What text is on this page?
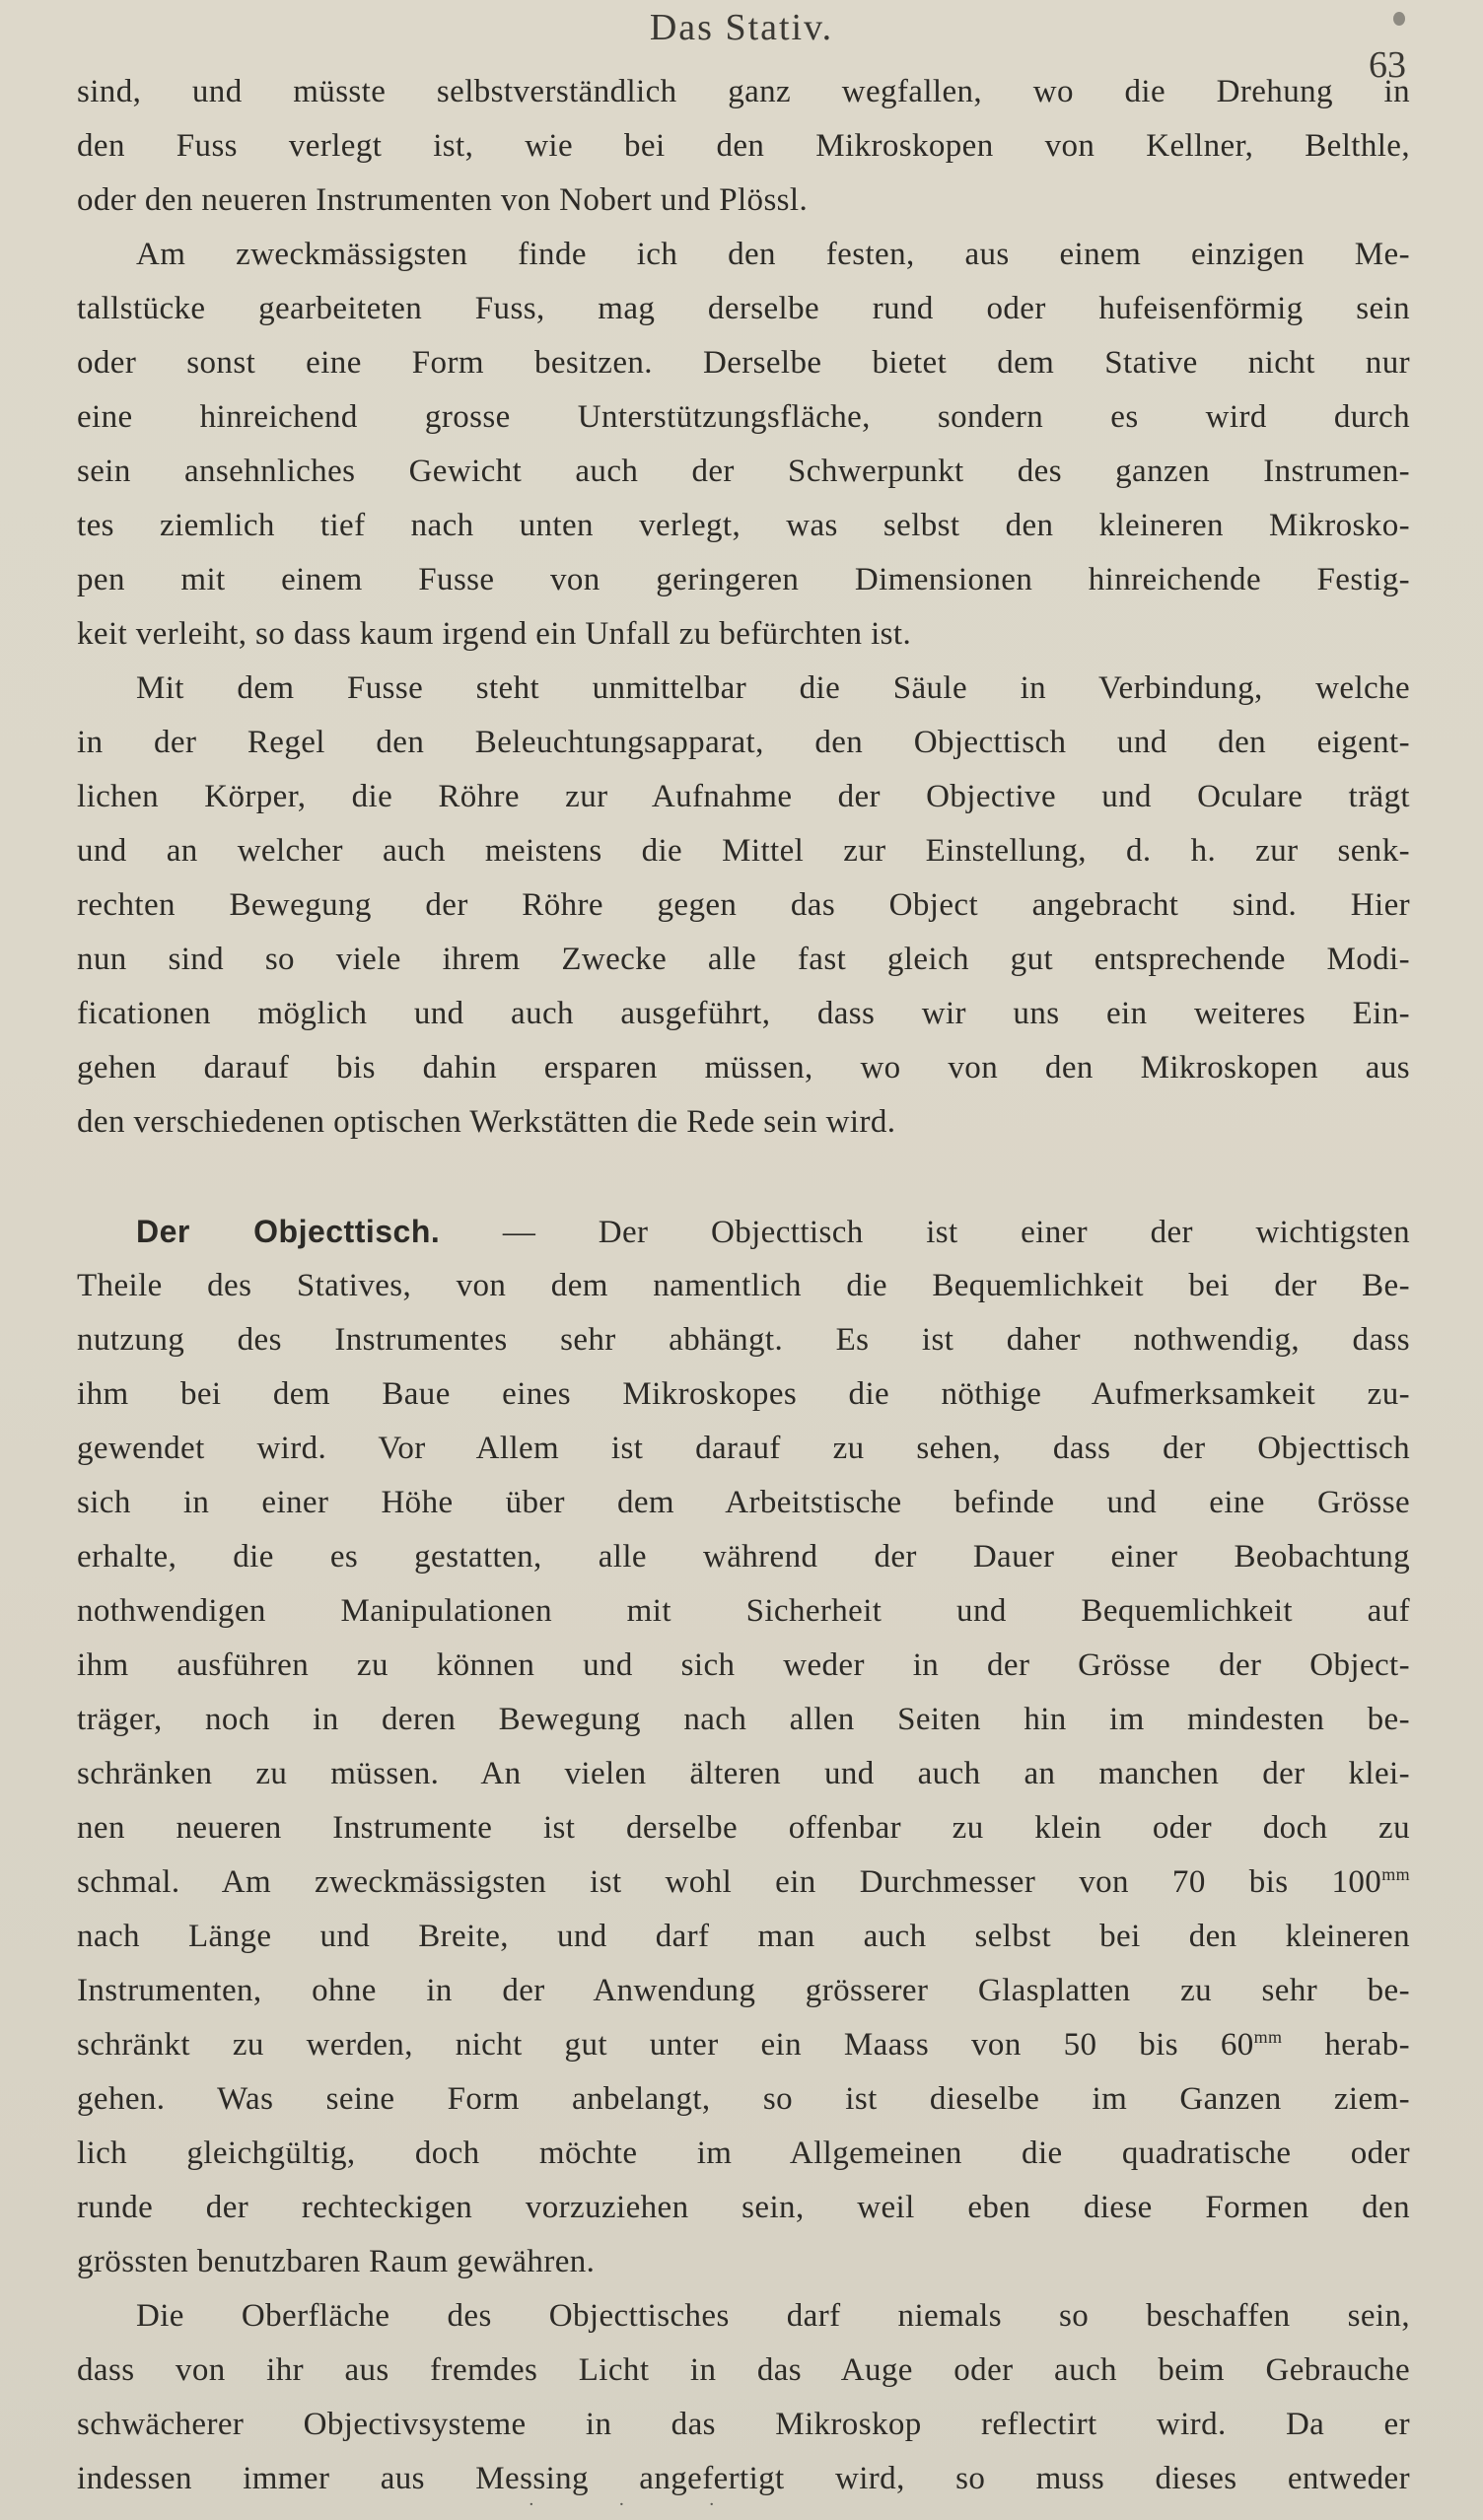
Das Stativ.
63
sind, und müsste selbstverständlich ganz wegfallen, wo die Drehung in
den Fuss verlegt ist, wie bei den Mikroskopen von Kellner, Belthle,
oder den neueren Instrumenten von Nobert und Plössl.
Am zweckmässigsten finde ich den festen, aus einem einzigen Me-
tallstücke gearbeiteten Fuss, mag derselbe rund oder hufeisenförmig sein
oder sonst eine Form besitzen. Derselbe bietet dem Stative nicht nur
eine hinreichend grosse Unterstützungsfläche, sondern es wird durch
sein ansehnliches Gewicht auch der Schwerpunkt des ganzen Instrumen-
tes ziemlich tief nach unten verlegt, was selbst den kleineren Mikrosko-
pen mit einem Fusse von geringeren Dimensionen hinreichende Festig-
keit verleiht, so dass kaum irgend ein Unfall zu befürchten ist.
Mit dem Fusse steht unmittelbar die Säule in Verbindung, welche
in der Regel den Beleuchtungsapparat, den Objecttisch und den eigent-
lichen Körper, die Röhre zur Aufnahme der Objective und Oculare trägt
und an welcher auch meistens die Mittel zur Einstellung, d. h. zur senk-
rechten Bewegung der Röhre gegen das Object angebracht sind. Hier
nun sind so viele ihrem Zwecke alle fast gleich gut entsprechende Modi-
ficationen möglich und auch ausgeführt, dass wir uns ein weiteres Ein-
gehen darauf bis dahin ersparen müssen, wo von den Mikroskopen aus
den verschiedenen optischen Werkstätten die Rede sein wird.
Der Objecttisch. — Der Objecttisch ist einer der wichtigsten
Theile des Statives, von dem namentlich die Bequemlichkeit bei der Be-
nutzung des Instrumentes sehr abhängt. Es ist daher nothwendig, dass
ihm bei dem Baue eines Mikroskopes die nöthige Aufmerksamkeit zu-
gewendet wird. Vor Allem ist darauf zu sehen, dass der Objecttisch
sich in einer Höhe über dem Arbeitstische befinde und eine Grösse
erhalte, die es gestatten, alle während der Dauer einer Beobachtung
nothwendigen Manipulationen mit Sicherheit und Bequemlichkeit auf
ihm ausführen zu können und sich weder in der Grösse der Object-
träger, noch in deren Bewegung nach allen Seiten hin im mindesten be-
schränken zu müssen. An vielen älteren und auch an manchen der klei-
nen neueren Instrumente ist derselbe offenbar zu klein oder doch zu
schmal. Am zweckmässigsten ist wohl ein Durchmesser von 70 bis $100^{mm}$
nach Länge und Breite, und darf man auch selbst bei den kleineren
Instrumenten, ohne in der Anwendung grösserer Glasplatten zu sehr be-
schränkt zu werden, nicht gut unter ein Maass von 50 bis $60^{mm}$ herab-
gehen. Was seine Form anbelangt, so ist dieselbe im Ganzen ziem-
lich gleichgültig, doch möchte im Allgemeinen die quadratische oder
runde der rechteckigen vorzuziehen sein, weil eben diese Formen den
grössten benutzbaren Raum gewähren.
Die Oberfläche des Objecttisches darf niemals so beschaffen sein,
dass von ihr aus fremdes Licht in das Auge oder auch beim Gebrauche
schwächerer Objectivsysteme in das Mikroskop reflectirt wird. Da er
indessen immer aus Messing angefertigt wird, so muss dieses entweder
· · ·
